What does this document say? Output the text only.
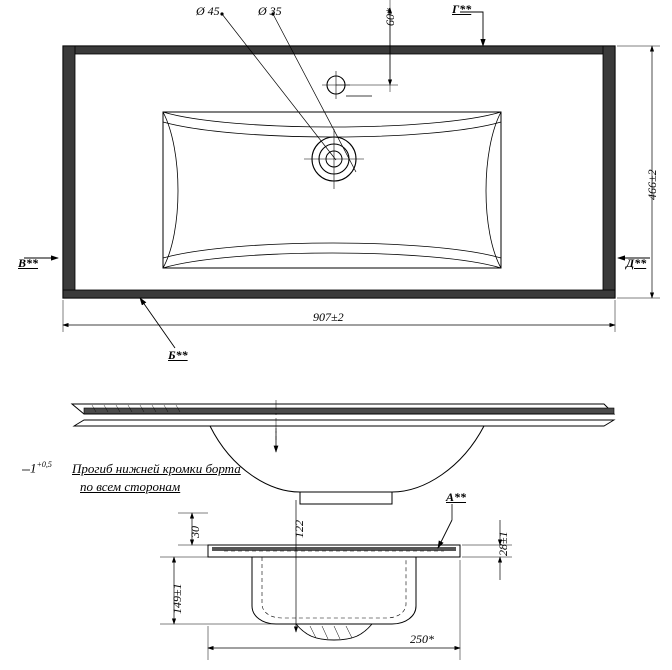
Ø 45	Ø 35	60*
466±2
907±2
В**	Д**
Б**
Г**
$1^{+0,5}$ Прогиб нижней кромки борта
по всем сторонам
30	122
149±1
28±1
250*
А**
